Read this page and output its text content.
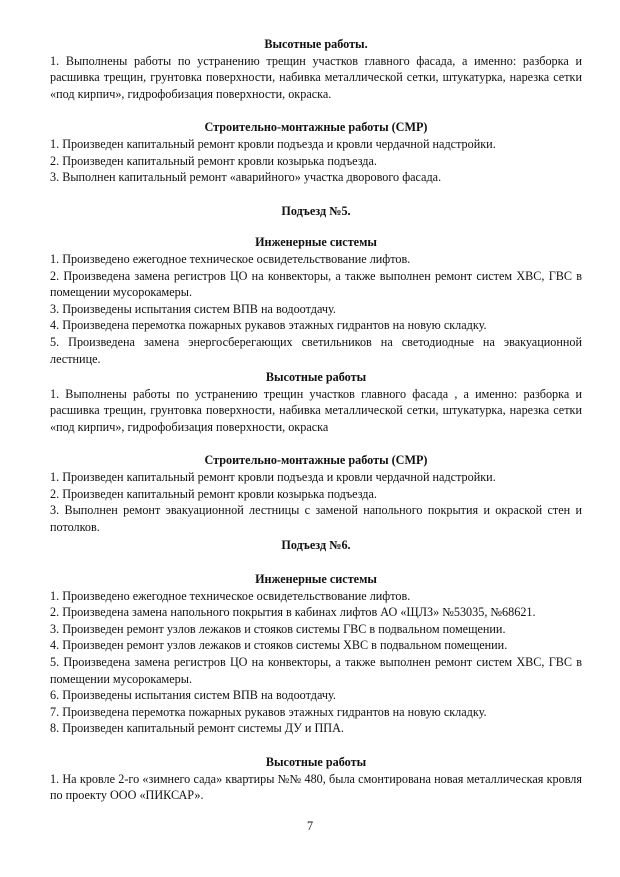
Высотные работы.

1. Выполнены работы по устранению трещин участков главного фасада, а именно: разборка и расшивка трещин, грунтовка поверхности, набивка металлической сетки, штукатурка, нарезка сетки «под кирпич», гидрофобизация поверхности, окраска.

Строительно-монтажные работы (СМР)

1. Произведен капитальный ремонт кровли подъезда и кровли чердачной надстройки.

2. Произведен капитальный ремонт кровли козырька подъезда.

3. Выполнен капитальный ремонт «аварийного» участка дворового фасада.

Подъезд №5.

Инженерные системы

1. Произведено ежегодное техническое освидетельствование лифтов.

2. Произведена замена регистров ЦО на конвекторы, а также выполнен ремонт систем ХВС, ГВС в помещении мусорокамеры.

3. Произведены испытания систем ВПВ на водоотдачу.

4. Произведена перемотка пожарных рукавов этажных гидрантов на новую складку.

5. Произведена замена энергосберегающих светильников на светодиодные на эвакуационной лестнице.

Высотные работы

1. Выполнены работы по устранению трещин участков главного фасада , а именно: разборка и расшивка трещин, грунтовка поверхности, набивка металлической сетки, штукатурка, нарезка сетки «под кирпич», гидрофобизация поверхности, окраска

Строительно-монтажные работы (СМР)

1. Произведен капитальный ремонт кровли подъезда и кровли чердачной надстройки.

2. Произведен капитальный ремонт кровли козырька подъезда.

3. Выполнен ремонт эвакуационной лестницы с заменой напольного покрытия и окраской стен и потолков.

Подъезд №6.

Инженерные системы

1. Произведено ежегодное техническое освидетельствование лифтов.

2. Произведена замена напольного покрытия в кабинах лифтов АО «ЩЛЗ» №53035, №68621.

3. Произведен ремонт узлов лежаков и стояков системы ГВС в подвальном помещении.

4. Произведен ремонт узлов лежаков и стояков системы ХВС в подвальном помещении.

5. Произведена замена регистров ЦО на конвекторы, а также выполнен ремонт систем ХВС, ГВС в помещении мусорокамеры.

6. Произведены испытания систем ВПВ на водоотдачу.

7. Произведена перемотка пожарных рукавов этажных гидрантов на новую складку.

8. Произведен капитальный ремонт системы ДУ и ППА.

Высотные работы

1. На кровле 2-го «зимнего сада» квартиры №№ 480, была смонтирована новая металлическая кровля по проекту ООО «ПИКСАР».

7
